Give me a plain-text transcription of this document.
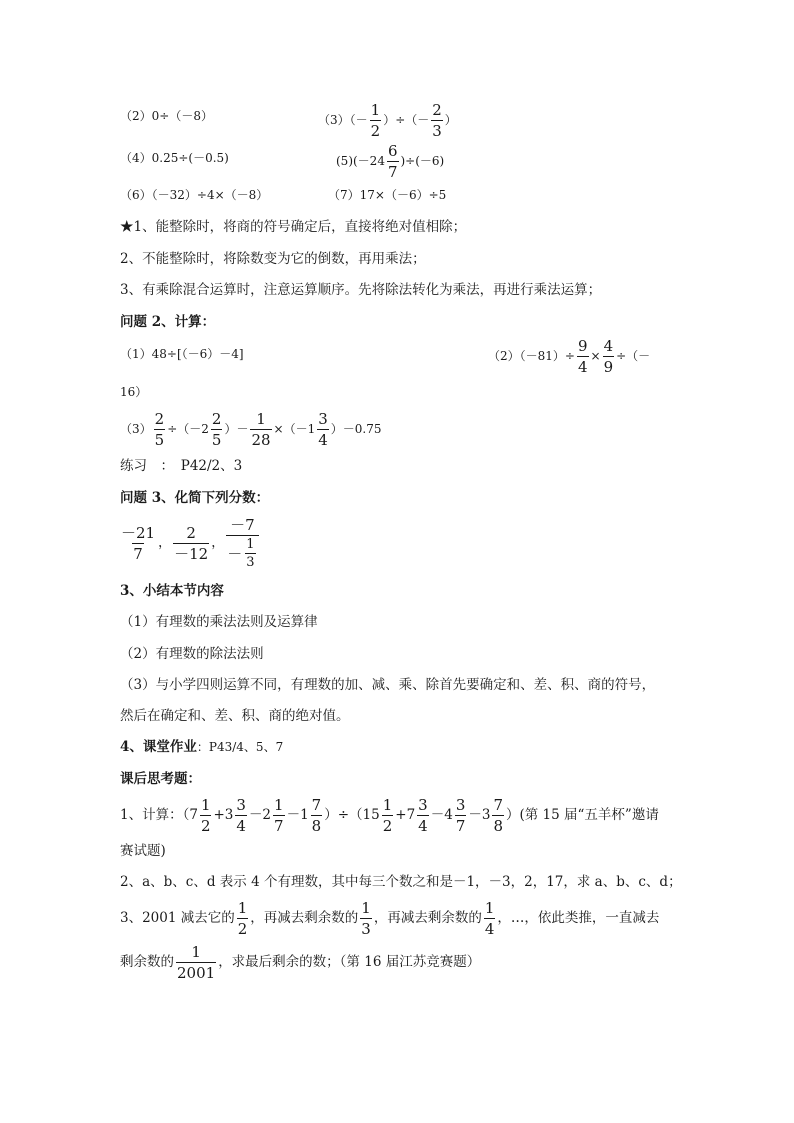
（2）0÷（－8）	$(3)(- \frac{1}{2}$ ）÷（－ $\frac{2}{3}$ ）
（4）0.25÷(－0.5)	$(5)(-24 \frac{6}{7} )\div(-6)$
（6）（－32）÷4×（－8）	（7）17×（－6）÷5
★1、能整除时，将商的符号确定后，直接将绝对值相除；
2、不能整除时，将除数变为它的倒数，再用乘法；
3、有乘除混合运算时，注意运算顺序。先将除法转化为乘法，再进行乘法运算；
问题 2、计算：
（1）48÷[（－6）－4]	$(2)(-81)\div \frac{9}{4} \times \frac{4}{9}$ ÷（－
16）
$(3) \frac{2}{5} \div(-2 \frac{2}{5}$ ）－ $\frac{1}{28} \times(-1 \frac{3}{4} )-0.75$
练习　：　P42/2、3
问题 3、化简下列分数：
$\frac{-21}{7}$ ， $\frac{2}{-12}$ ， －7
－ 1
3
3、小结本节内容
（1）有理数的乘法法则及运算律
（2）有理数的除法法则
（3）与小学四则运算不同，有理数的加、减、乘、除首先要确定和、差、积、商的符号，
然后在确定和、差、积、商的绝对值。
4、课堂作业：P43/4、5、7
课后思考题：
1、计算：$(7 \frac{1}{2} +3 \frac{3}{4} -2 \frac{1}{7} -1 \frac{7}{8} )\div(15 \frac{1}{2} +7 \frac{3}{4} -4 \frac{3}{7} -3 \frac{7}{8}$ ）(第 15 届“五羊杯”邀请
赛试题)
2、a、b、c、d 表示 4 个有理数，其中每三个数之和是－1，－3，2，17，求 a、b、c、d；
3、2001 减去它的 $\frac{1}{2}$ ，再减去剩余数的 $\frac{1}{3}$ ，再减去剩余数的 $\frac{1}{4}$ ，…，依此类推，一直减去
剩余数的 $\frac{1}{2001}$ ，求最后剩余的数；（第 16 届江苏竞赛题）
